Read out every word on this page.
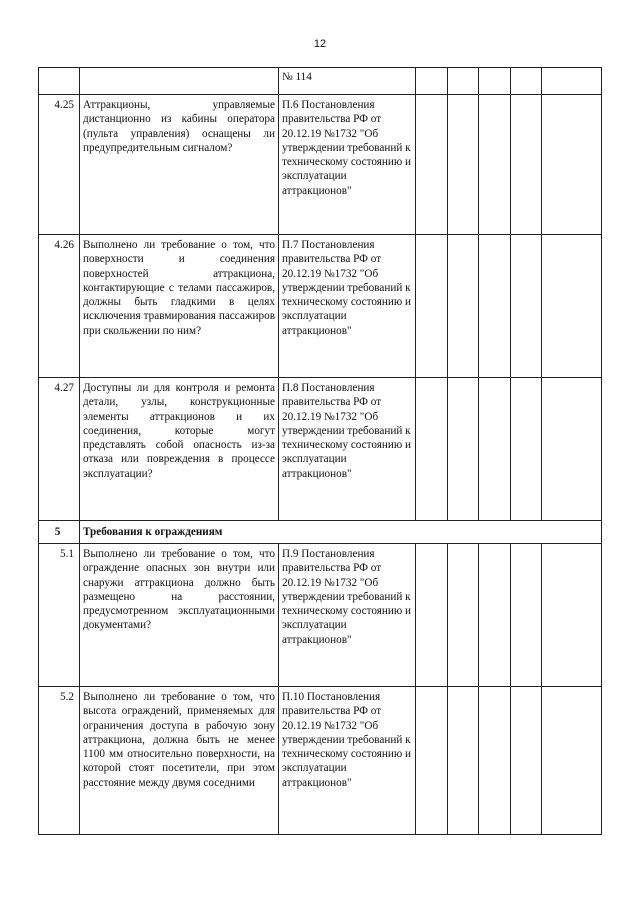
12
		№ 114					
4.25	Аттракционы, управляемые дистанционно из кабины оператора (пульта управления) оснащены ли предупредительным сигналом?	П.6 Постановления правительства РФ от 20.12.19 №1732 "Об утверждении требований к техническому состоянию и эксплуатации аттракционов"					
4.26	Выполнено ли требование о том, что поверхности и соединения поверхностей аттракциона, контактирующие с телами пассажиров, должны быть гладкими в целях исключения травмирования пассажиров при скольжении по ним?	П.7 Постановления правительства РФ от 20.12.19 №1732 "Об утверждении требований к техническому состоянию и эксплуатации аттракционов"					
4.27	Доступны ли для контроля и ремонта детали, узлы, конструкционные элементы аттракционов и их соединения, которые могут представлять собой опасность из-за отказа или повреждения в процессе эксплуатации?	П.8 Постановления правительства РФ от 20.12.19 №1732 "Об утверждении требований к техническому состоянию и эксплуатации аттракционов"					
5	Требования к ограждениям						
5.1	Выполнено ли требование о том, что ограждение опасных зон внутри или снаружи аттракциона должно быть размещено на расстоянии, предусмотренном эксплуатационными документами?	П.9 Постановления правительства РФ от 20.12.19 №1732 "Об утверждении требований к техническому состоянию и эксплуатации аттракционов"					
5.2	Выполнено ли требование о том, что высота ограждений, применяемых для ограничения доступа в рабочую зону аттракциона, должна быть не менее 1100 мм относительно поверхности, на которой стоят посетители, при этом расстояние между двумя соседними	П.10 Постановления правительства РФ от 20.12.19 №1732 "Об утверждении требований к техническому состоянию и эксплуатации аттракционов"					
